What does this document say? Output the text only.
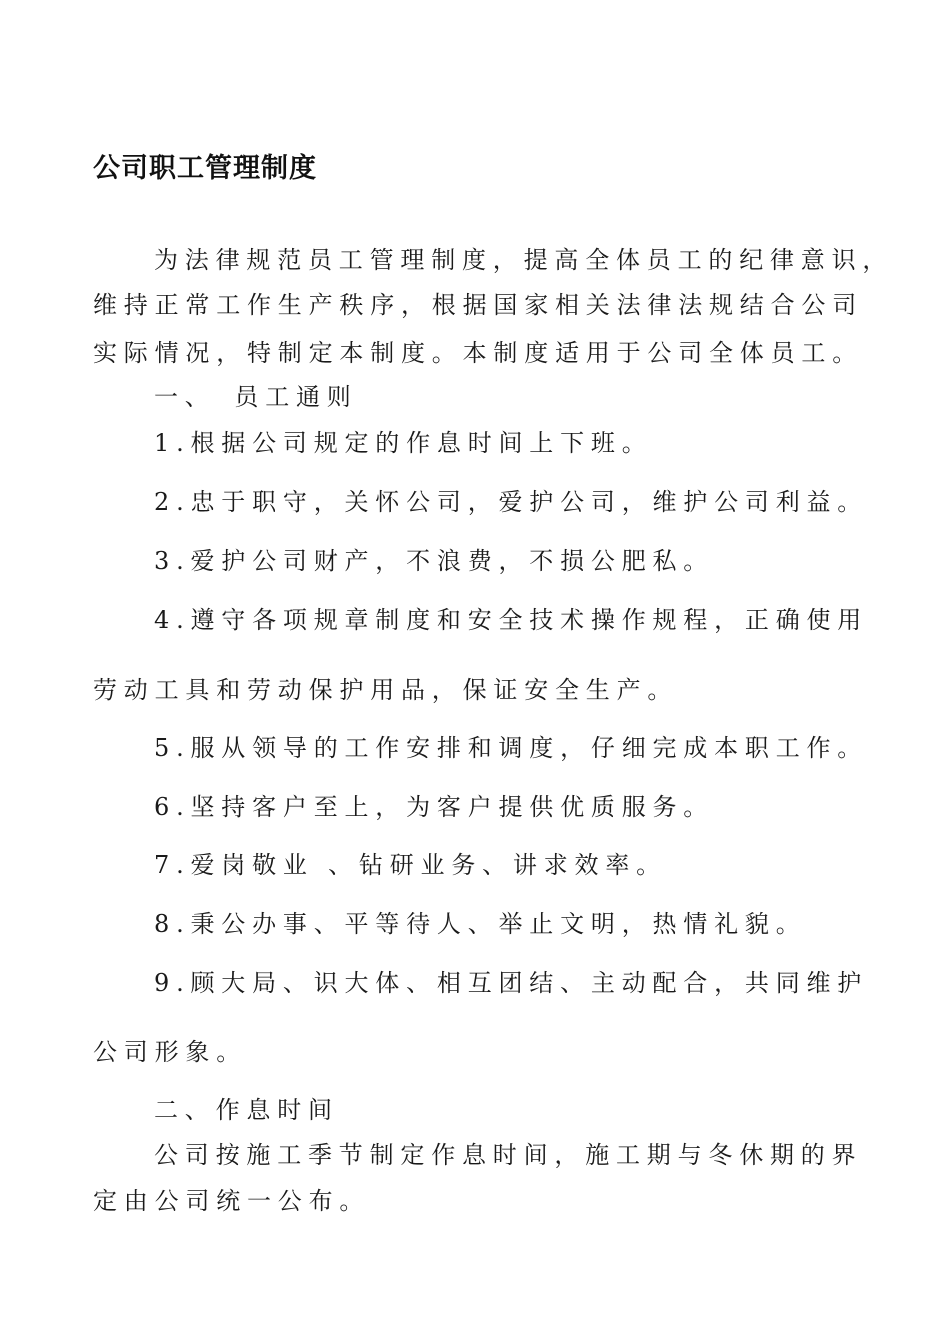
公司职工管理制度

为法律规范员工管理制度，提高全体员工的纪律意识，

维持正常工作生产秩序，根据国家相关法律法规结合公司

实际情况，特制定本制度。本制度适用于公司全体员工。

一、　员工通则

1.根据公司规定的作息时间上下班。

2.忠于职守，关怀公司，爱护公司，维护公司利益。

3.爱护公司财产，不浪费，不损公肥私。

4.遵守各项规章制度和安全技术操作规程，正确使用

劳动工具和劳动保护用品，保证安全生产。

5.服从领导的工作安排和调度，仔细完成本职工作。

6.坚持客户至上，为客户提供优质服务。

7.爱岗敬业 、钻研业务、讲求效率。

8.秉公办事、平等待人、举止文明，热情礼貌。

9.顾大局、识大体、相互团结、主动配合，共同维护

公司形象。

二、作息时间

公司按施工季节制定作息时间，施工期与冬休期的界

定由公司统一公布。
